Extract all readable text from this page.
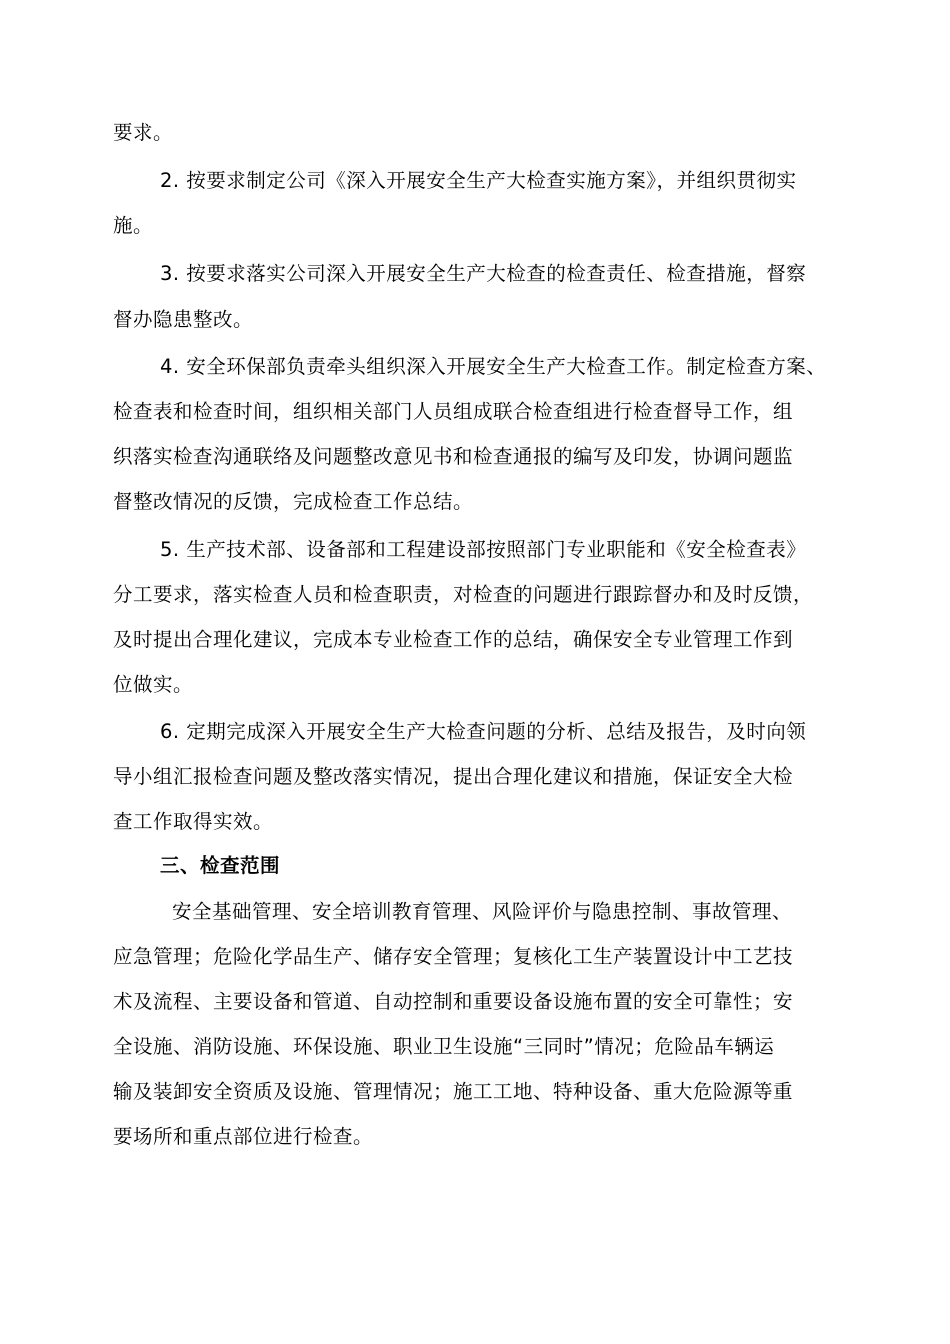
要求。
2. 按要求制定公司《深入开展安全生产大检查实施方案》，并组织贯彻实
施。
3. 按要求落实公司深入开展安全生产大检查的检查责任、检查措施，督察
督办隐患整改。
4. 安全环保部负责牵头组织深入开展安全生产大检查工作。制定检查方案、
检查表和检查时间，组织相关部门人员组成联合检查组进行检查督导工作，组
织落实检查沟通联络及问题整改意见书和检查通报的编写及印发，协调问题监
督整改情况的反馈，完成检查工作总结。
5. 生产技术部、设备部和工程建设部按照部门专业职能和《安全检查表》
分工要求，落实检查人员和检查职责，对检查的问题进行跟踪督办和及时反馈，
及时提出合理化建议，完成本专业检查工作的总结，确保安全专业管理工作到
位做实。
6. 定期完成深入开展安全生产大检查问题的分析、总结及报告，及时向领
导小组汇报检查问题及整改落实情况，提出合理化建议和措施，保证安全大检
查工作取得实效。
三、检查范围
安全基础管理、安全培训教育管理、风险评价与隐患控制、事故管理、
应急管理；危险化学品生产、储存安全管理；复核化工生产装置设计中工艺技
术及流程、主要设备和管道、自动控制和重要设备设施布置的安全可靠性；安
全设施、消防设施、环保设施、职业卫生设施“三同时”情况；危险品车辆运
输及装卸安全资质及设施、管理情况；施工工地、特种设备、重大危险源等重
要场所和重点部位进行检查。
